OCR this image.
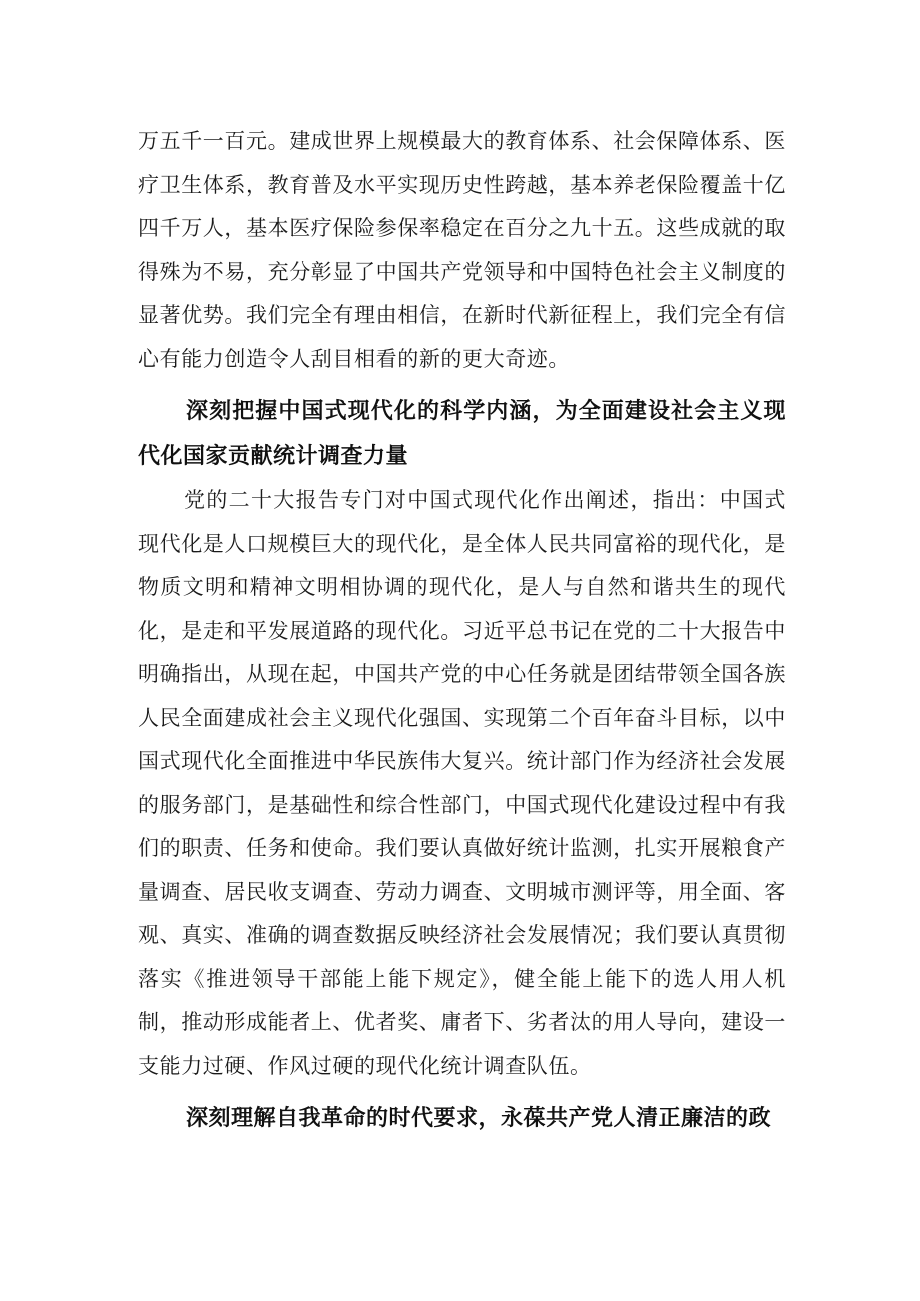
万五千一百元。建成世界上规模最大的教育体系、社会保障体系、医疗卫生体系，教育普及水平实现历史性跨越，基本养老保险覆盖十亿四千万人，基本医疗保险参保率稳定在百分之九十五。这些成就的取得殊为不易，充分彰显了中国共产党领导和中国特色社会主义制度的显著优势。我们完全有理由相信，在新时代新征程上，我们完全有信心有能力创造令人刮目相看的新的更大奇迹。

深刻把握中国式现代化的科学内涵，为全面建设社会主义现代化国家贡献统计调查力量

党的二十大报告专门对中国式现代化作出阐述，指出：中国式现代化是人口规模巨大的现代化，是全体人民共同富裕的现代化，是物质文明和精神文明相协调的现代化，是人与自然和谐共生的现代化，是走和平发展道路的现代化。习近平总书记在党的二十大报告中明确指出，从现在起，中国共产党的中心任务就是团结带领全国各族人民全面建成社会主义现代化强国、实现第二个百年奋斗目标，以中国式现代化全面推进中华民族伟大复兴。统计部门作为经济社会发展的服务部门，是基础性和综合性部门，中国式现代化建设过程中有我们的职责、任务和使命。我们要认真做好统计监测，扎实开展粮食产量调查、居民收支调查、劳动力调查、文明城市测评等，用全面、客观、真实、准确的调查数据反映经济社会发展情况；我们要认真贯彻落实《推进领导干部能上能下规定》，健全能上能下的选人用人机制，推动形成能者上、优者奖、庸者下、劣者汰的用人导向，建设一支能力过硬、作风过硬的现代化统计调查队伍。

深刻理解自我革命的时代要求，永葆共产党人清正廉洁的政
